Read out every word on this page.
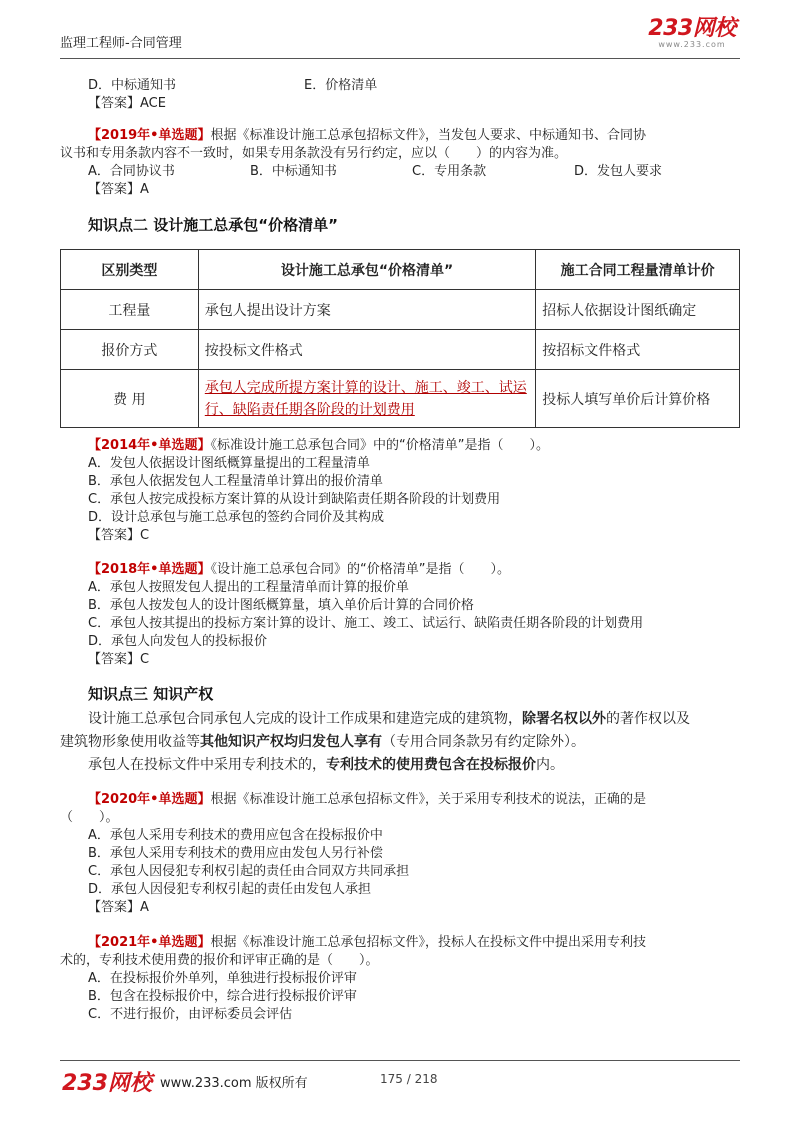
监理工程师-合同管理
233网校
www.233.com
D．中标通知书	E．价格清单
【答案】ACE
【2019年•单选题】根据《标准设计施工总承包招标文件》，当发包人要求、中标通知书、合同协
议书和专用条款内容不一致时，如果专用条款没有另行约定，应以（　　）的内容为准。
A．合同协议书	B．中标通知书	C．专用条款	D．发包人要求
【答案】A
知识点二 设计施工总承包“价格清单”
区别类型	设计施工总承包“价格清单”	施工合同工程量清单计价
工程量	承包人提出设计方案	招标人依据设计图纸确定
报价方式	按投标文件格式	按招标文件格式
费 用	承包人完成所提方案计算的设计、施工、竣工、试运行、缺陷责任期各阶段的计划费用	投标人填写单价后计算价格
【2014年•单选题】《标准设计施工总承包合同》中的“价格清单”是指（　　）。
A．发包人依据设计图纸概算量提出的工程量清单
B．承包人依据发包人工程量清单计算出的报价清单
C．承包人按完成投标方案计算的从设计到缺陷责任期各阶段的计划费用
D．设计总承包与施工总承包的签约合同价及其构成
【答案】C
【2018年•单选题】《设计施工总承包合同》的“价格清单”是指（　　）。
A．承包人按照发包人提出的工程量清单而计算的报价单
B．承包人按发包人的设计图纸概算量，填入单价后计算的合同价格
C．承包人按其提出的投标方案计算的设计、施工、竣工、试运行、缺陷责任期各阶段的计划费用
D．承包人向发包人的投标报价
【答案】C
知识点三 知识产权
设计施工总承包合同承包人完成的设计工作成果和建造完成的建筑物，除署名权以外的著作权以及
建筑物形象使用收益等其他知识产权均归发包人享有（专用合同条款另有约定除外）。
承包人在投标文件中采用专利技术的，专利技术的使用费包含在投标报价内。
【2020年•单选题】根据《标准设计施工总承包招标文件》，关于采用专利技术的说法，正确的是
（　　）。
A．承包人采用专利技术的费用应包含在投标报价中
B．承包人采用专利技术的费用应由发包人另行补偿
C．承包人因侵犯专利权引起的责任由合同双方共同承担
D．承包人因侵犯专利权引起的责任由发包人承担
【答案】A
【2021年•单选题】根据《标准设计施工总承包招标文件》，投标人在投标文件中提出采用专利技
术的，专利技术使用费的报价和评审正确的是（　　）。
A．在投标报价外单列，单独进行投标报价评审
B．包含在投标报价中，综合进行投标报价评审
C．不进行报价，由评标委员会评估
233网校 www.233.com 版权所有	175 / 218
